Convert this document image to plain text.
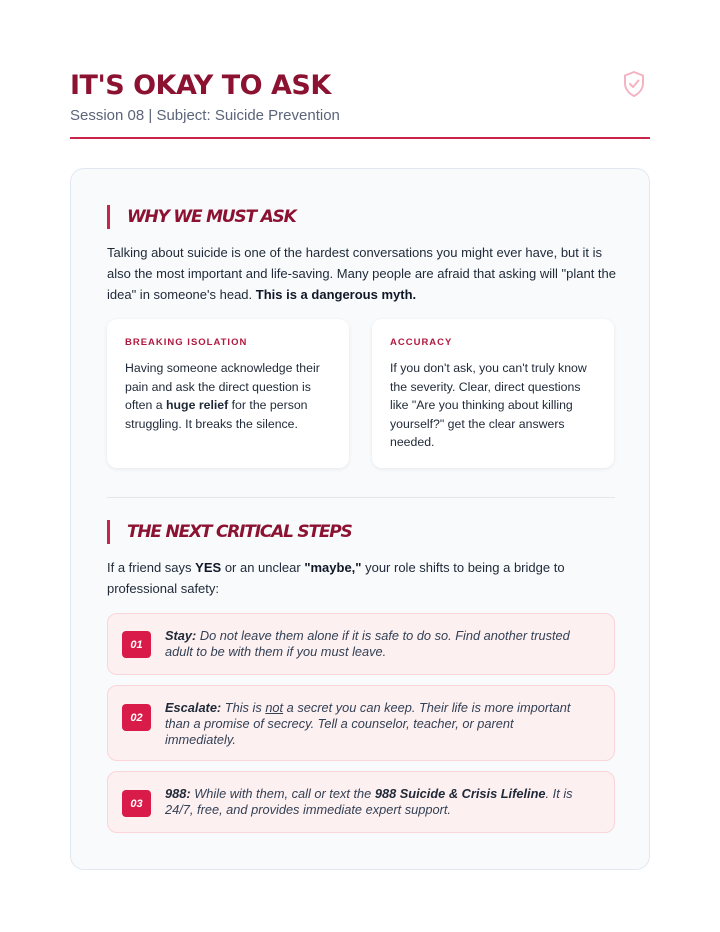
IT'S OKAY TO ASK
Session 08 | Subject: Suicide Prevention
WHY WE MUST ASK
Talking about suicide is one of the hardest conversations you might ever have, but it is also the most important and life-saving. Many people are afraid that asking will "plant the idea" in someone's head. This is a dangerous myth.
BREAKING ISOLATION
Having someone acknowledge their pain and ask the direct question is often a huge relief for the person struggling. It breaks the silence.
ACCURACY
If you don't ask, you can't truly know the severity. Clear, direct questions like "Are you thinking about killing yourself?" get the clear answers needed.
THE NEXT CRITICAL STEPS
If a friend says YES or an unclear "maybe," your role shifts to being a bridge to professional safety:
01
Stay: Do not leave them alone if it is safe to do so. Find another trusted adult to be with them if you must leave.
02
Escalate: This is not a secret you can keep. Their life is more important than a promise of secrecy. Tell a counselor, teacher, or parent immediately.
03
988: While with them, call or text the 988 Suicide & Crisis Lifeline. It is 24/7, free, and provides immediate expert support.
